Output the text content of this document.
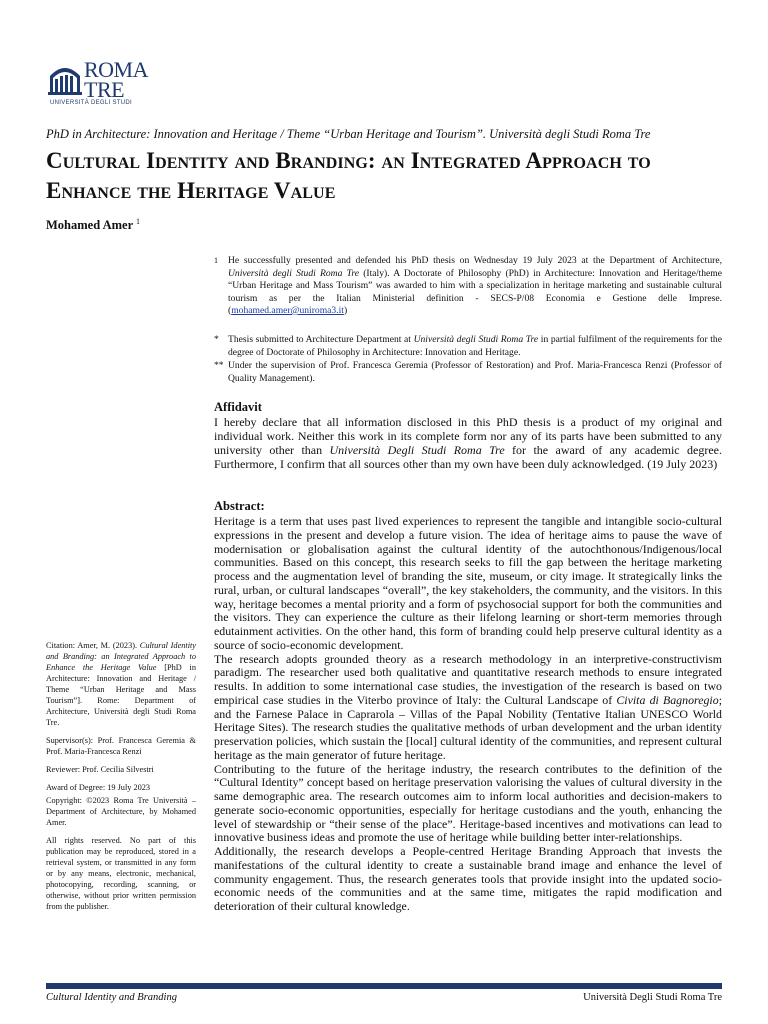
ROMA
TRE
UNIVERSITÀ DEGLI STUDI
PhD in Architecture: Innovation and Heritage / Theme “Urban Heritage and Tourism”. Università degli Studi Roma Tre
Cultural Identity and Branding: an Integrated Approach to Enhance the Heritage Value
Mohamed Amer $^1$
1 He successfully presented and defended his PhD thesis on Wednesday 19 July 2023 at the Department of Architecture, Università degli Studi Roma Tre (Italy). A Doctorate of Philosophy (PhD) in Architecture: Innovation and Heritage/theme “Urban Heritage and Mass Tourism” was awarded to him with a specialization in heritage marketing and sustainable cultural tourism as per the Italian Ministerial definition - SECS-P/08 Economia e Gestione delle Imprese. (mohamed.amer@uniroma3.it)
* Thesis submitted to Architecture Department at Università degli Studi Roma Tre in partial fulfilment of the requirements for the degree of Doctorate of Philosophy in Architecture: Innovation and Heritage.
** Under the supervision of Prof. Francesca Geremia (Professor of Restoration) and Prof. Maria-Francesca Renzi (Professor of Quality Management).
Affidavit
I hereby declare that all information disclosed in this PhD thesis is a product of my original and individual work. Neither this work in its complete form nor any of its parts have been submitted to any university other than Università Degli Studi Roma Tre for the award of any academic degree. Furthermore, I confirm that all sources other than my own have been duly acknowledged. (19 July 2023)
Abstract:

Heritage is a term that uses past lived experiences to represent the tangible and intangible socio-cultural expressions in the present and develop a future vision. The idea of heritage aims to pause the wave of modernisation or globalisation against the cultural identity of the autochthonous/Indigenous/local communities. Based on this concept, this research seeks to fill the gap between the heritage marketing process and the augmentation level of branding the site, museum, or city image. It strategically links the rural, urban, or cultural landscapes “overall”, the key stakeholders, the community, and the visitors. In this way, heritage becomes a mental priority and a form of psychosocial support for both the communities and the visitors. They can experience the culture as their lifelong learning or short-term memories through edutainment activities. On the other hand, this form of branding could help preserve cultural identity as a source of socio-economic development.

The research adopts grounded theory as a research methodology in an interpretive-constructivism paradigm. The researcher used both qualitative and quantitative research methods to ensure integrated results. In addition to some international case studies, the investigation of the research is based on two empirical case studies in the Viterbo province of Italy: the Cultural Landscape of Civita di Bagnoregio; and the Farnese Palace in Caprarola – Villas of the Papal Nobility (Tentative Italian UNESCO World Heritage Sites). The research studies the qualitative methods of urban development and the urban identity preservation policies, which sustain the [local] cultural identity of the communities, and represent cultural heritage as the main generator of future heritage.

Contributing to the future of the heritage industry, the research contributes to the definition of the “Cultural Identity” concept based on heritage preservation valorising the values of cultural diversity in the same demographic area. The research outcomes aim to inform local authorities and decision-makers to generate socio-economic opportunities, especially for heritage custodians and the youth, enhancing the level of stewardship or “their sense of the place”. Heritage-based incentives and motivations can lead to innovative business ideas and promote the use of heritage while building better inter-relationships.

Additionally, the research develops a People-centred Heritage Branding Approach that invests the manifestations of the cultural identity to create a sustainable brand image and enhance the level of community engagement. Thus, the research generates tools that provide insight into the updated socio-economic needs of the communities and at the same time, mitigates the rapid modification and deterioration of their cultural knowledge.

Citation: Amer, M. (2023). Cultural Identity and Branding: an Integrated Approach to Enhance the Heritage Value [PhD in Architecture: Innovation and Heritage / Theme “Urban Heritage and Mass Tourism”]. Rome: Department of Architecture, Università degli Studi Roma Tre.

Supervisor(s): Prof. Francesca Geremia & Prof. Maria-Francesca Renzi

Reviewer: Prof. Cecilia Silvestri

Award of Degree: 19 July 2023

Copyright: ©2023 Roma Tre Università – Department of Architecture, by Mohamed Amer.

All rights reserved. No part of this publication may be reproduced, stored in a retrieval system, or transmitted in any form or by any means, electronic, mechanical, photocopying, recording, scanning, or otherwise, without prior written permission from the publisher.

Cultural Identity and Branding	Università Degli Studi Roma Tre
